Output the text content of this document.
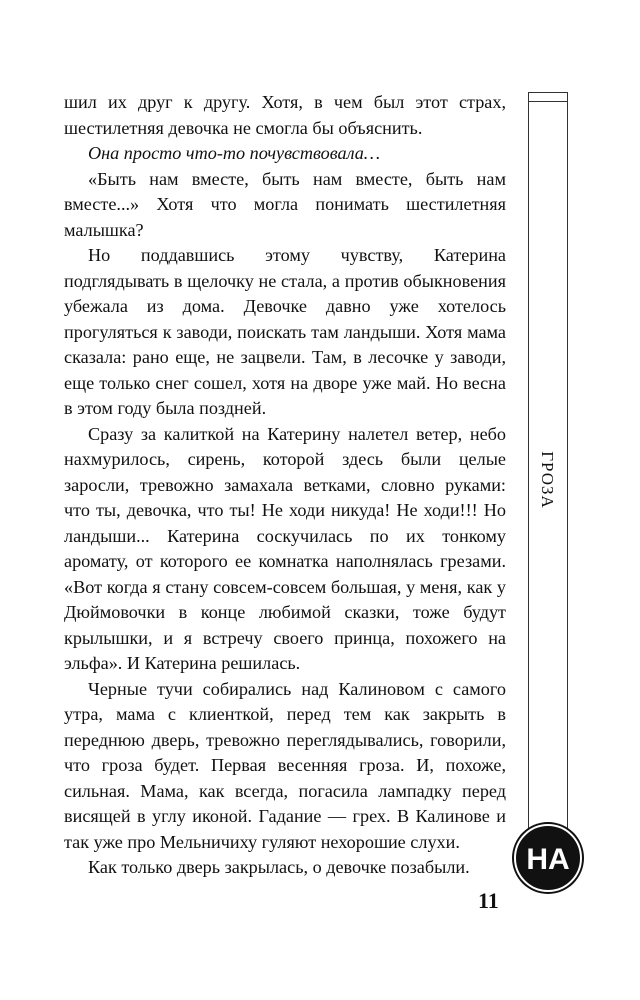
шил их друг к другу. Хотя, в чем был этот страх, шестилетняя девочка не смогла бы объяснить.

Она просто что-то почувствовала…

«Быть нам вместе, быть нам вместе, быть нам вместе...» Хотя что могла понимать шестилетняя малышка?

Но поддавшись этому чувству, Катерина подглядывать в щелочку не стала, а против обыкновения убежала из дома. Девочке давно уже хотелось прогуляться к заводи, поискать там ландыши. Хотя мама сказала: рано еще, не зацвели. Там, в лесочке у заводи, еще только снег сошел, хотя на дворе уже май. Но весна в этом году была поздней.

Сразу за калиткой на Катерину налетел ветер, небо нахмурилось, сирень, которой здесь были целые заросли, тревожно замахала ветками, словно руками: что ты, девочка, что ты! Не ходи никуда! Не ходи!!! Но ландыши... Катерина соскучилась по их тонкому аромату, от которого ее комнатка наполнялась грезами. «Вот когда я стану совсем-совсем большая, у меня, как у Дюймовочки в конце любимой сказки, тоже будут крылышки, и я встречу своего принца, похожего на эльфа». И Катерина решилась.

Черные тучи собирались над Калиновом с самого утра, мама с клиенткой, перед тем как закрыть в переднюю дверь, тревожно переглядывались, говорили, что гроза будет. Первая весенняя гроза. И, похоже, сильная. Мама, как всегда, погасила лампадку перед висящей в углу иконой. Гадание — грех. В Калинове и так уже про Мельничиху гуляют нехорошие слухи.

Как только дверь закрылась, о девочке позабыли.

ГРОЗА
НА
11
